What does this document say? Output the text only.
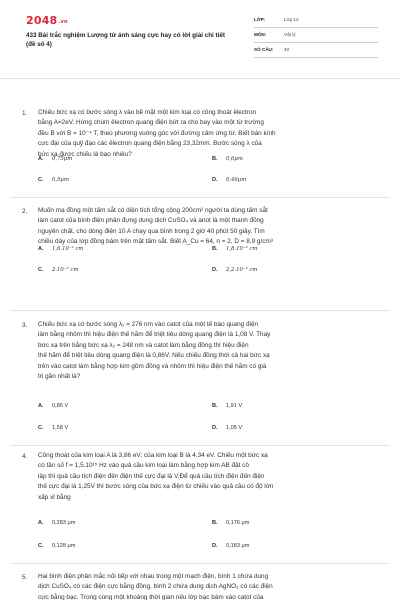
2048.vn
433 Bài trắc nghiệm Lượng tử ánh sáng cực hay có lời giải chi tiết (đề số 4)
LỚP:	Lớp 12
MÔN:	Vật lý
SỐ CÂU: 40
1. Chiếu bức xạ có bước sóng λ vào bề mặt một kim loại có công thoát êlectron
bằng A=2eV. Hứng chùm êlectron quang điện bứt ra cho bay vào một từ trường
đều B với B = 10⁻⁴ T, theo phương vuông góc với đường cảm ứng từ. Biết bán kính
cực đại của quỹ đạo các êlectron quang điện bằng 23,32mm. Bước sóng λ của
bức xạ được chiếu là bao nhiêu?
A. 0,75μm	B. 0,6μm
C. 0,5μm	D. 0,46μm
2. Muốn mạ đồng một tấm sắt có diện tích tổng cộng 200cm² người ta dùng tấm sắt
làm catot của bình điện phân đựng dung dịch CuSO₄ và anot là một thanh đồng
nguyên chất, cho dòng điện 10 A chạy qua bình trong 2 giờ 40 phút 50 giây. Tìm
chiều dày của lớp đồng bám trên mặt tấm sắt. Biết A_Cu = 64, n = 2, D = 8,9 g/cm³
A. 1,6.10⁻² cm	B. 1,8.10⁻² cm
C. 2.10⁻² cm	D. 2,2.10⁻² cm
3. Chiếu bức xạ có bước sóng λ₁ = 276 nm vào catot của một tế bào quang điện
làm bằng nhôm thì hiệu điện thế hãm để triệt tiêu dòng quang điện là 1,08 V. Thay
bức xạ trên bằng bức xạ λ₂ = 248 nm và catot làm bằng đồng thì hiệu điện
thế hãm để triệt tiêu dòng quang điện là 0,86V. Nếu chiếu đồng thời cả hai bức xạ
trên vào catot làm bằng hợp kim gồm đồng và nhôm thì hiệu điện thế hãm có giá
trị gần nhất là?
A. 0,86 V	B. 1,91 V
C. 1,58 V	D. 1,05 V
4. Công thoát của kim loại A là 3,86 eV; của kim loại B là 4,34 eV. Chiếu một bức xạ
có tần số f = 1,5.10¹⁵ Hz vào quả cầu kim loại làm bằng hợp kim AB đặt cô
lập thì quả cầu tích điện đến điện thế cực đại là V.Để quả cầu tích điện đến điện
thế cực đại là 1,25V thì bước sóng của bức xạ điện từ chiếu vào quả cầu có độ lớn
xấp xỉ bằng
A. 0,283 μm	B. 0,176 μm
C. 0,128 μm	D. 0,183 μm
5. Hai bình điện phân mắc nối tiếp với nhau trong một mạch điện, bình 1 chứa dung
dịch CuSO₄ có các điện cực bằng đồng, bình 2 chứa dung dịch AgNO₃ có các điện
cực bằng bạc. Trong cùng một khoảng thời gian nếu lớp bạc bám vào catot của
